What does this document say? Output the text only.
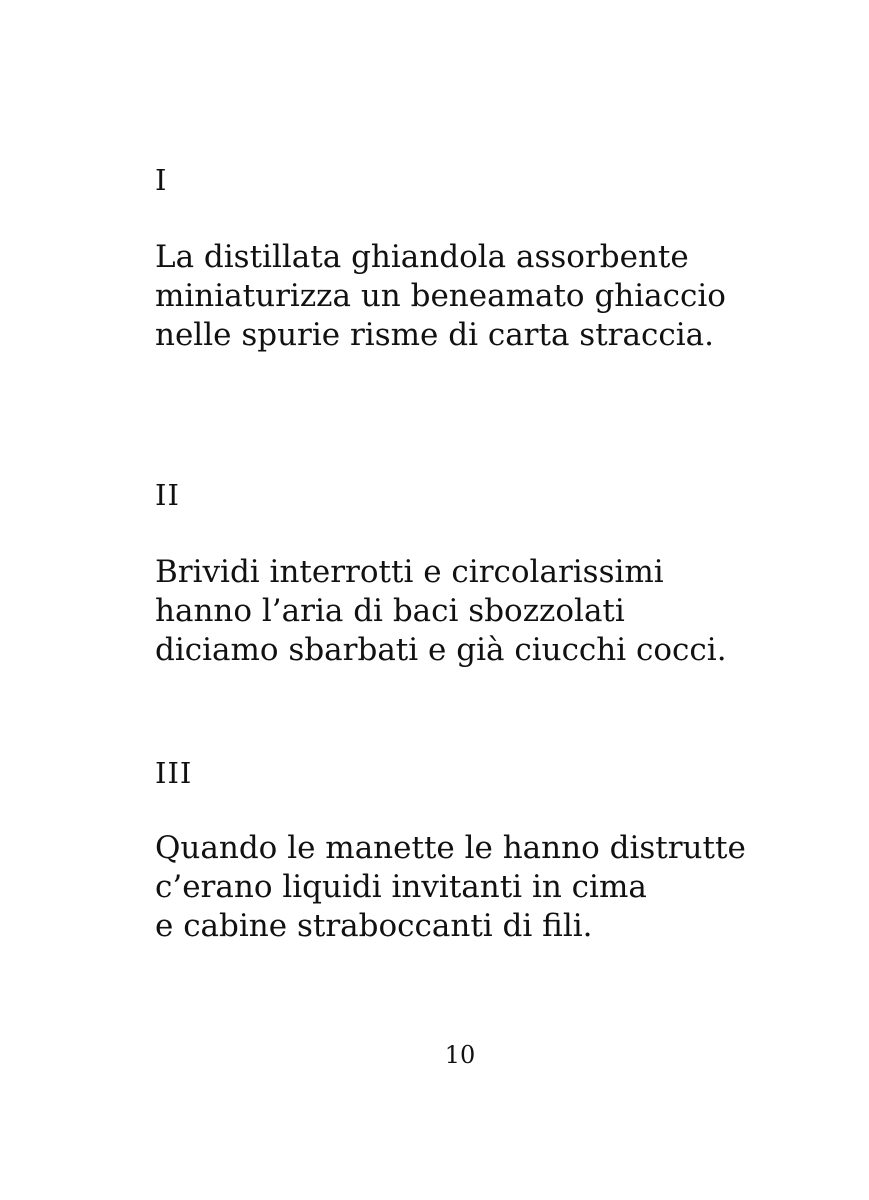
I
La distillata ghiandola assorbente
miniaturizza un beneamato ghiaccio
nelle spurie risme di carta straccia.
II
Brividi interrotti e circolarissimi
hanno l’aria di baci sbozzolati
diciamo sbarbati e già ciucchi cocci.
III
Quando le manette le hanno distrutte
c’erano liquidi invitanti in cima
e cabine straboccanti di fili.
10
